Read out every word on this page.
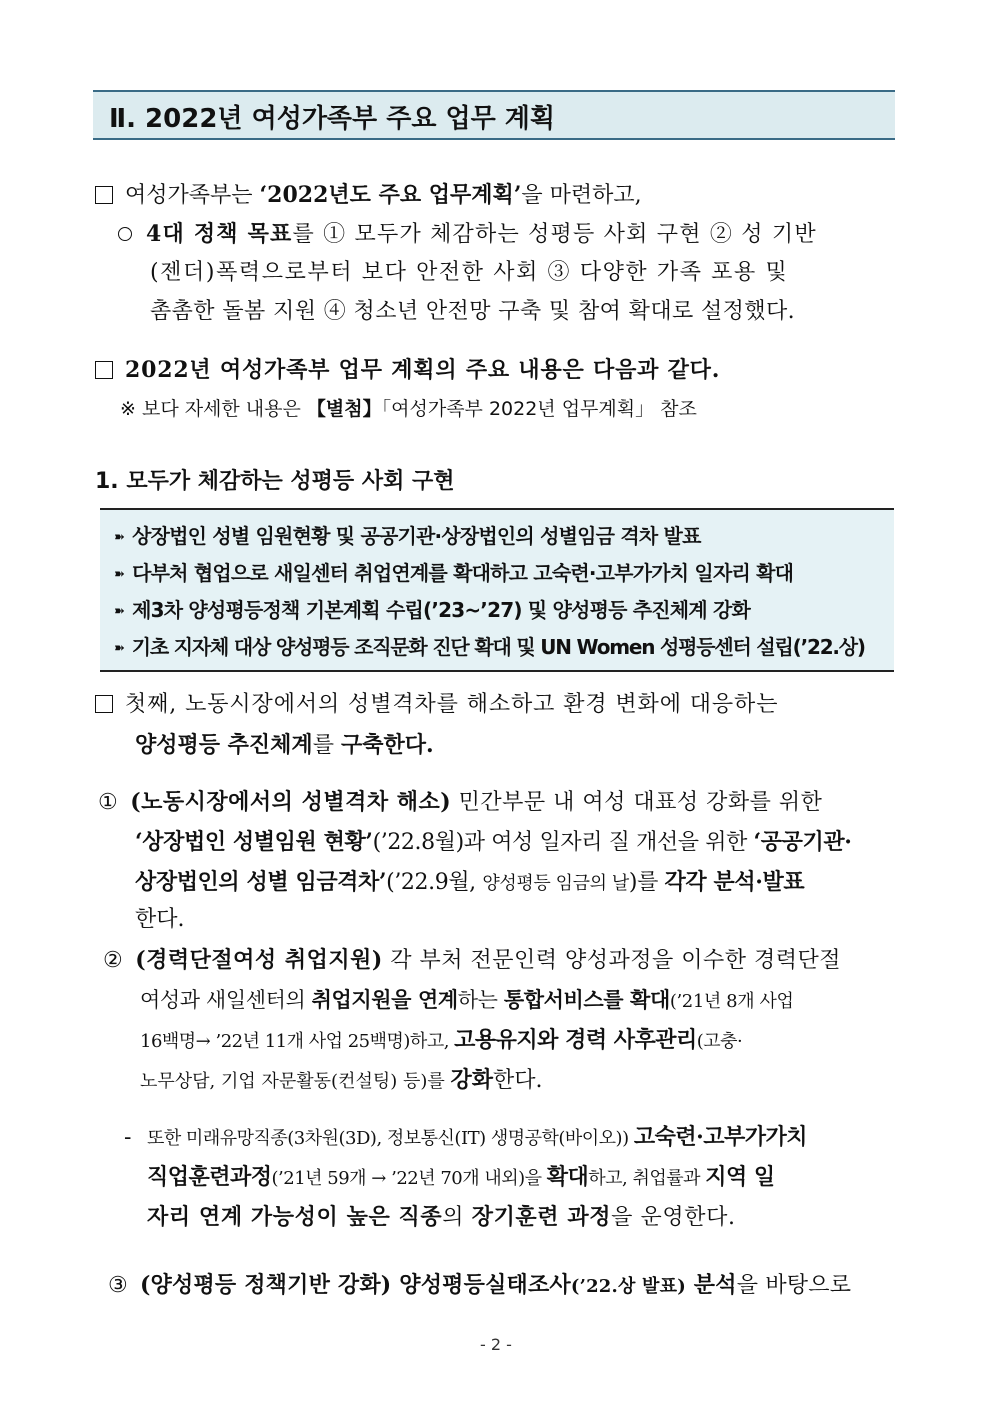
Ⅱ. 2022년 여성가족부 주요 업무 계획
여성가족부는 ‘2022년도 주요 업무계획’을 마련하고,
4대 정책 목표를 ① 모두가 체감하는 성평등 사회 구현 ② 성 기반
(젠더)폭력으로부터 보다 안전한 사회 ③ 다양한 가족 포용 및
촘촘한 돌봄 지원 ④ 청소년 안전망 구축 및 참여 확대로 설정했다.
2022년 여성가족부 업무 계획의 주요 내용은 다음과 같다.
※ 보다 자세한 내용은 【별첨】「여성가족부 2022년 업무계획」 참조
1. 모두가 체감하는 성평등 사회 구현
➽ 상장법인 성별 임원현황 및 공공기관·상장법인의 성별임금 격차 발표
➽ 다부처 협업으로 새일센터 취업연계를 확대하고 고숙련·고부가가치 일자리 확대
➽ 제3차 양성평등정책 기본계획 수립(’23~’27) 및 양성평등 추진체계 강화
➽ 기초 지자체 대상 양성평등 조직문화 진단 확대 및 UN Women 성평등센터 설립(’22.상)
첫째, 노동시장에서의 성별격차를 해소하고 환경 변화에 대응하는
양성평등 추진체계를 구축한다.
① (노동시장에서의 성별격차 해소) 민간부문 내 여성 대표성 강화를 위한
‘상장법인 성별임원 현황’(’22.8월)과 여성 일자리 질 개선을 위한 ‘공공기관·
상장법인의 성별 임금격차’(’22.9월, 양성평등 임금의 날)를 각각 분석·발표
한다.
② (경력단절여성 취업지원) 각 부처 전문인력 양성과정을 이수한 경력단절
여성과 새일센터의 취업지원을 연계하는 통합서비스를 확대(’21년 8개 사업
16백명→ ’22년 11개 사업 25백명)하고, 고용유지와 경력 사후관리(고충·
노무상담, 기업 자문활동(컨설팅) 등)를 강화한다.
- 또한 미래유망직종(3차원(3D), 정보통신(IT) 생명공학(바이오)) 고숙련·고부가가치
직업훈련과정(’21년 59개 → ’22년 70개 내외)을 확대하고, 취업률과 지역 일
자리 연계 가능성이 높은 직종의 장기훈련 과정을 운영한다.
③ (양성평등 정책기반 강화) 양성평등실태조사(’22.상 발표) 분석을 바탕으로
- 2 -
